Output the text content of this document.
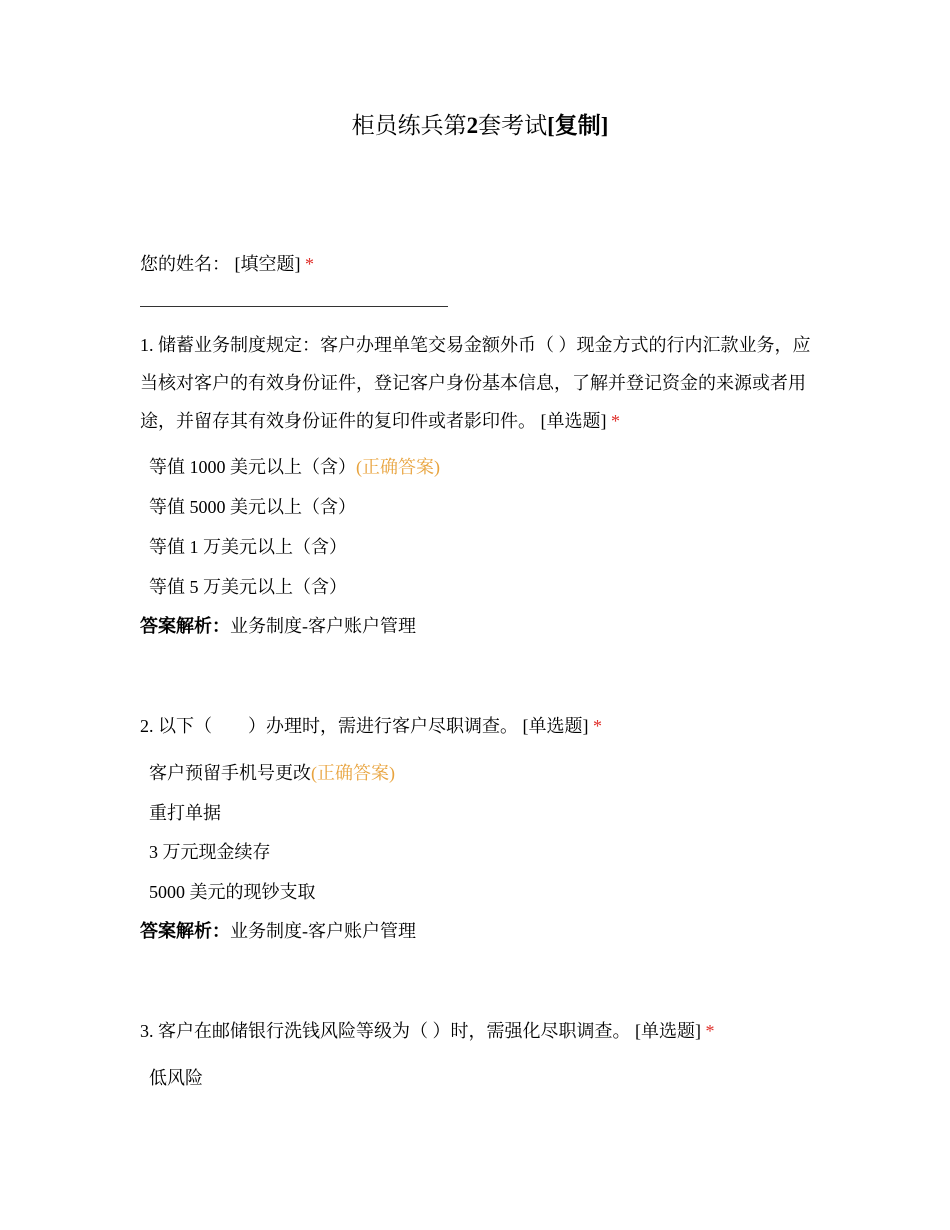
柜员练兵第2套考试[复制]
您的姓名： [填空题] *
1. 储蓄业务制度规定：客户办理单笔交易金额外币（ ）现金方式的行内汇款业务，应当核对客户的有效身份证件，登记客户身份基本信息，了解并登记资金的来源或者用途，并留存其有效身份证件的复印件或者影印件。 [单选题] *
等值 1000 美元以上（含）(正确答案)
等值 5000 美元以上（含）
等值 1 万美元以上（含）
等值 5 万美元以上（含）
答案解析：业务制度-客户账户管理
2. 以下（　　）办理时，需进行客户尽职调查。 [单选题] *
客户预留手机号更改(正确答案)
重打单据
3 万元现金续存
5000 美元的现钞支取
答案解析：业务制度-客户账户管理
3. 客户在邮储银行洗钱风险等级为（ ）时，需强化尽职调查。 [单选题] *
低风险
